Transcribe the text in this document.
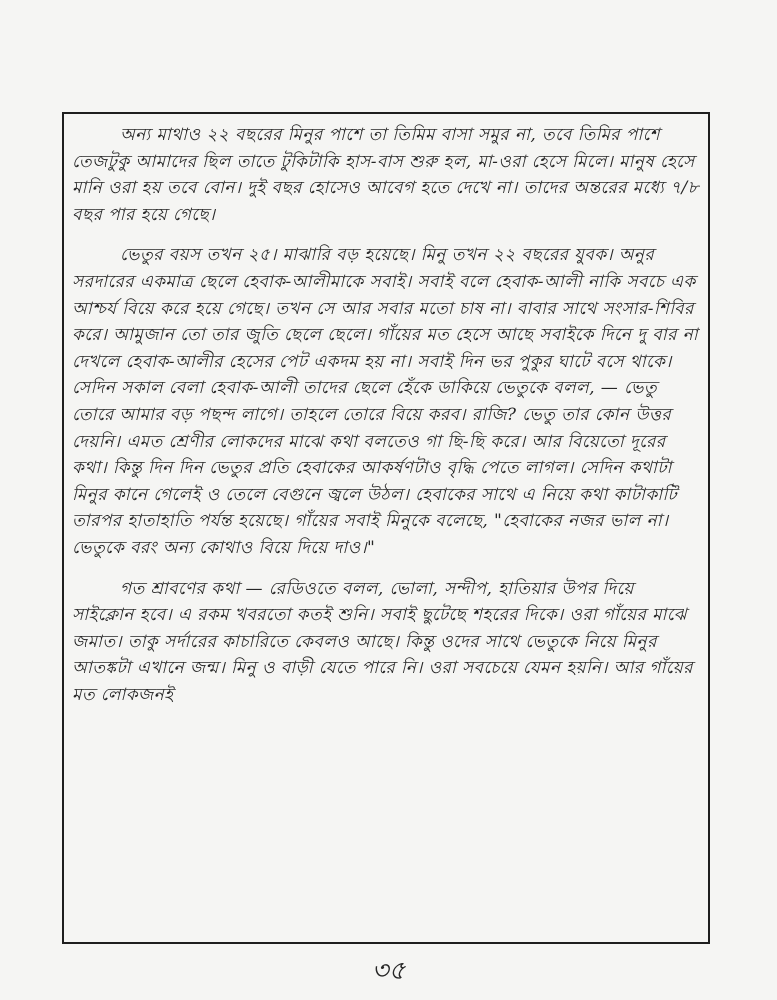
অন্য মাথাও ২২ বছরের মিনুর পাশে তা তিমিম বাসা সমুর না, তবে তিমির পাশে তেজটুকু আমাদের ছিল তাতে টুকিটাকি হাস-বাস শুরু হল, মা-ওরা হেসে মিলে। মানুষ হেসে মানি ওরা হয় তবে বোন। দুই বছর হোসেও আবেগ হতে দেখে না। তাদের অন্তরের মধ্যে ৭/৮ বছর পার হয়ে গেছে।

ভেতুর বয়স তখন ২৫। মাঝারি বড় হয়েছে। মিনু তখন ২২ বছরের যুবক। অনুর সরদারের একমাত্র ছেলে হেবাক-আলীমাকে সবাই। সবাই বলে হেবাক-আলী নাকি সবচে এক আশ্চর্য বিয়ে করে হয়ে গেছে। তখন সে আর সবার মতো চাষ না। বাবার সাথে সংসার-শিবির করে। আমুজান তো তার জুতি ছেলে ছেলে। গাঁয়ের মত হেসে আছে সবাইকে দিনে দু বার না দেখলে হেবাক-আলীর হেসের পেট একদম হয় না। সবাই দিন ভর পুকুর ঘাটে বসে থাকে। সেদিন সকাল বেলা হেবাক-আলী তাদের ছেলে হেঁকে ডাকিয়ে ভেতুকে বলল, — ভেতু তোরে আমার বড় পছন্দ লাগে। তাহলে তোরে বিয়ে করব। রাজি? ভেতু তার কোন উত্তর দেয়নি। এমত শ্রেণীর লোকদের মাঝে কথা বলতেও গা ছি-ছি করে। আর বিয়েতো দূরের কথা। কিন্তু দিন দিন ভেতুর প্রতি হেবাকের আকর্ষণটাও বৃদ্ধি পেতে লাগল। সেদিন কথাটা মিনুর কানে গেলেই ও তেলে বেগুনে জ্বলে উঠল। হেবাকের সাথে এ নিয়ে কথা কাটাকাটি তারপর হাতাহাতি পর্যন্ত হয়েছে। গাঁয়ের সবাই মিনুকে বলেছে, "হেবাকের নজর ভাল না। ভেতুকে বরং অন্য কোথাও বিয়ে দিয়ে দাও।"

গত শ্রাবণের কথা — রেডিওতে বলল, ভোলা, সন্দীপ, হাতিয়ার উপর দিয়ে সাইক্লোন হবে। এ রকম খবরতো কতই শুনি। সবাই ছুটেছে শহরের দিকে। ওরা গাঁয়ের মাঝে জমাত। তাকু সর্দারের কাচারিতে কেবলও আছে। কিন্তু ওদের সাথে ভেতুকে নিয়ে মিনুর আতঙ্কটা এখানে জন্ম। মিনু ও বাড়ী যেতে পারে নি। ওরা সবচেয়ে যেমন হয়নি। আর গাঁয়ের মত লোকজনই

৩৫
